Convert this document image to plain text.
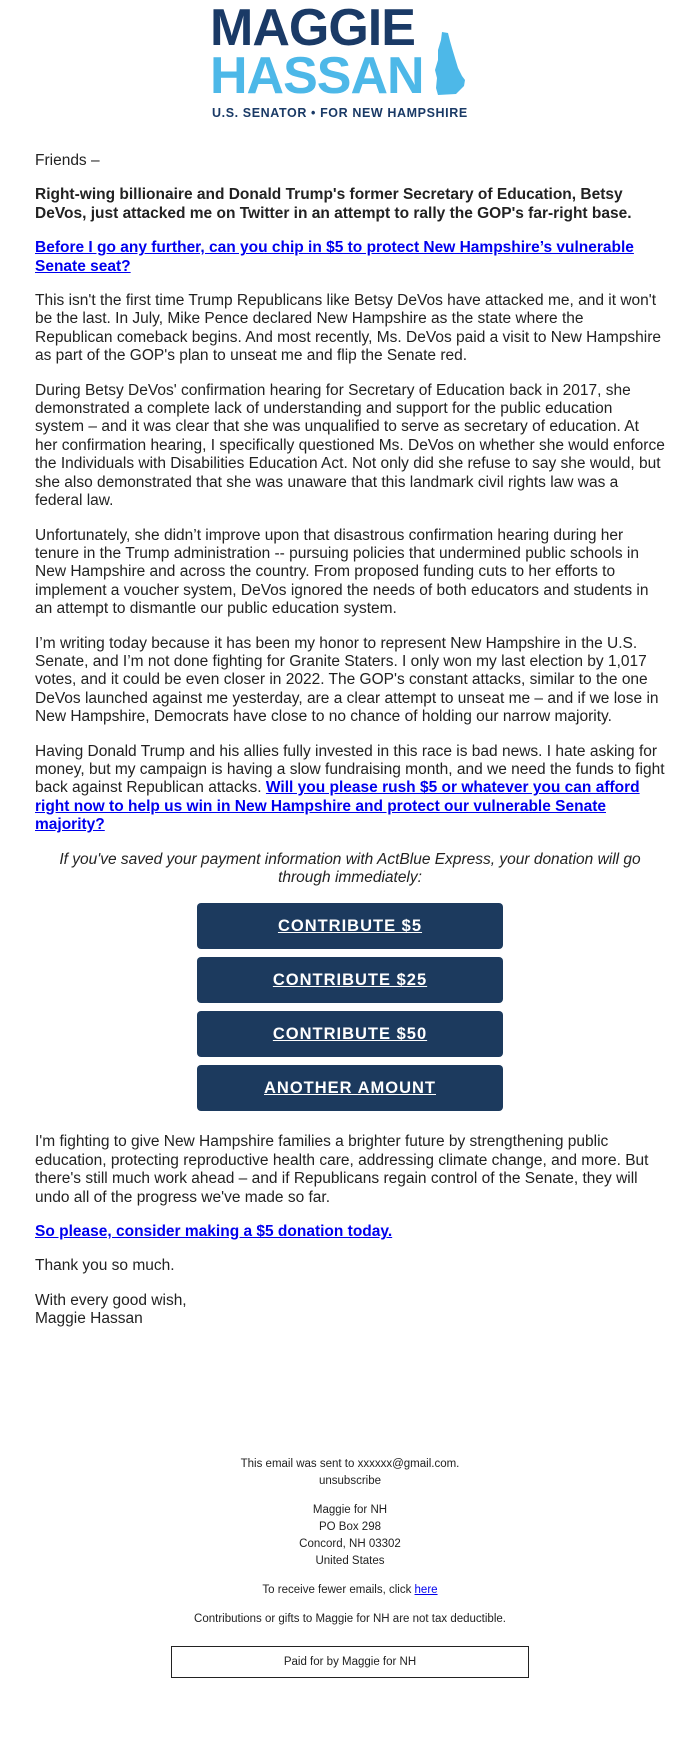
MAGGIE
HASSAN
U.S. SENATOR • FOR NEW HAMPSHIRE

Friends –

Right-wing billionaire and Donald Trump's former Secretary of Education, Betsy DeVos, just attacked me on Twitter in an attempt to rally the GOP's far-right base.

Before I go any further, can you chip in $5 to protect New Hampshire’s vulnerable Senate seat?

This isn't the first time Trump Republicans like Betsy DeVos have attacked me, and it won't be the last. In July, Mike Pence declared New Hampshire as the state where the Republican comeback begins. And most recently, Ms. DeVos paid a visit to New Hampshire as part of the GOP's plan to unseat me and flip the Senate red.

During Betsy DeVos' confirmation hearing for Secretary of Education back in 2017, she demonstrated a complete lack of understanding and support for the public education system – and it was clear that she was unqualified to serve as secretary of education. At her confirmation hearing, I specifically questioned Ms. DeVos on whether she would enforce the Individuals with Disabilities Education Act. Not only did she refuse to say she would, but she also demonstrated that she was unaware that this landmark civil rights law was a federal law.

Unfortunately, she didn’t improve upon that disastrous confirmation hearing during her tenure in the Trump administration -- pursuing policies that undermined public schools in New Hampshire and across the country. From proposed funding cuts to her efforts to implement a voucher system, DeVos ignored the needs of both educators and students in an attempt to dismantle our public education system.

I’m writing today because it has been my honor to represent New Hampshire in the U.S. Senate, and I’m not done fighting for Granite Staters. I only won my last election by 1,017 votes, and it could be even closer in 2022. The GOP's constant attacks, similar to the one DeVos launched against me yesterday, are a clear attempt to unseat me – and if we lose in New Hampshire, Democrats have close to no chance of holding our narrow majority.

Having Donald Trump and his allies fully invested in this race is bad news. I hate asking for money, but my campaign is having a slow fundraising month, and we need the funds to fight back against Republican attacks. Will you please rush $5 or whatever you can afford right now to help us win in New Hampshire and protect our vulnerable Senate majority?

If you've saved your payment information with ActBlue Express, your donation will go through immediately:

CONTRIBUTE $5
CONTRIBUTE $25
CONTRIBUTE $50
ANOTHER AMOUNT

I'm fighting to give New Hampshire families a brighter future by strengthening public education, protecting reproductive health care, addressing climate change, and more. But there's still much work ahead – and if Republicans regain control of the Senate, they will undo all of the progress we've made so far.

So please, consider making a $5 donation today.

Thank you so much.

With every good wish,
Maggie Hassan

This email was sent to xxxxxx@gmail.com.
unsubscribe

Maggie for NH
PO Box 298
Concord, NH 03302
United States

To receive fewer emails, click here

Contributions or gifts to Maggie for NH are not tax deductible.

Paid for by Maggie for NH
